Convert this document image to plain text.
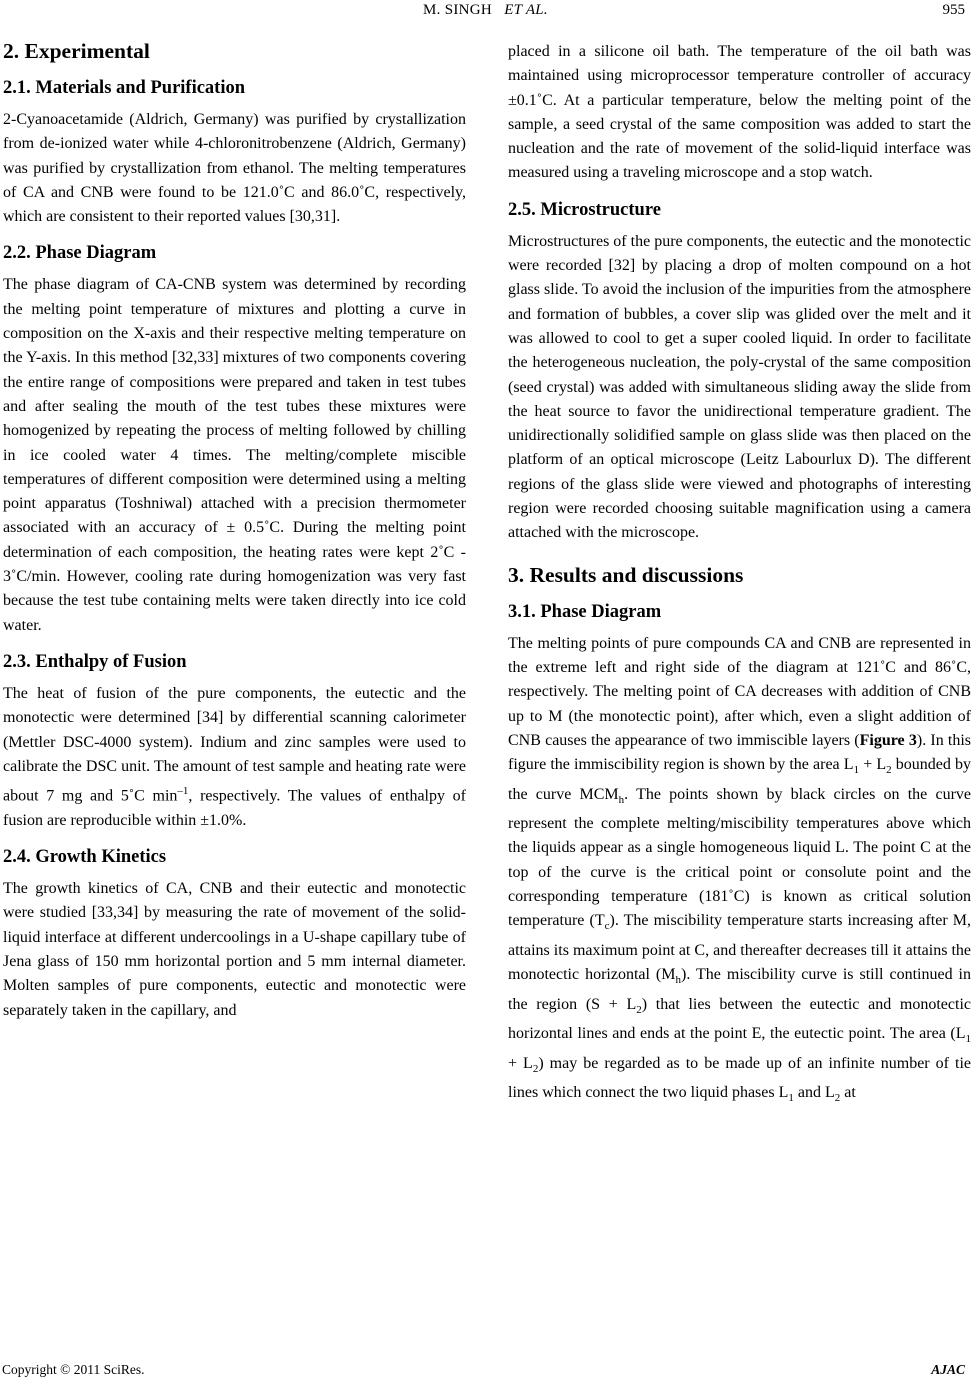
M. SINGH ET AL.	955
2. Experimental
2.1. Materials and Purification

2-Cyanoacetamide (Aldrich, Germany) was purified by crystallization from de-ionized water while 4-chloronitrobenzene (Aldrich, Germany) was purified by crystallization from ethanol. The melting temperatures of CA and CNB were found to be 121.0˚C and 86.0˚C, respectively, which are consistent to their reported values [30,31].

2.2. Phase Diagram

The phase diagram of CA-CNB system was determined by recording the melting point temperature of mixtures and plotting a curve in composition on the X-axis and their respective melting temperature on the Y-axis. In this method [32,33] mixtures of two components covering the entire range of compositions were prepared and taken in test tubes and after sealing the mouth of the test tubes these mixtures were homogenized by repeating the process of melting followed by chilling in ice cooled water 4 times. The melting/complete miscible temperatures of different composition were determined using a melting point apparatus (Toshniwal) attached with a precision thermometer associated with an accuracy of ± 0.5˚C. During the melting point determination of each composition, the heating rates were kept 2˚C - 3˚C/min. However, cooling rate during homogenization was very fast because the test tube containing melts were taken directly into ice cold water.

2.3. Enthalpy of Fusion

The heat of fusion of the pure components, the eutectic and the monotectic were determined [34] by differential scanning calorimeter (Mettler DSC-4000 system). Indium and zinc samples were used to calibrate the DSC unit. The amount of test sample and heating rate were about 7 mg and 5˚C $\min^{-1}$, respectively. The values of enthalpy of fusion are reproducible within ±1.0%.

2.4. Growth Kinetics

The growth kinetics of CA, CNB and their eutectic and monotectic were studied [33,34] by measuring the rate of movement of the solid-liquid interface at different undercoolings in a U-shape capillary tube of Jena glass of 150 mm horizontal portion and 5 mm internal diameter. Molten samples of pure components, eutectic and monotectic were separately taken in the capillary, and

placed in a silicone oil bath. The temperature of the oil bath was maintained using microprocessor temperature controller of accuracy ±0.1˚C. At a particular temperature, below the melting point of the sample, a seed crystal of the same composition was added to start the nucleation and the rate of movement of the solid-liquid interface was measured using a traveling microscope and a stop watch.

2.5. Microstructure

Microstructures of the pure components, the eutectic and the monotectic were recorded [32] by placing a drop of molten compound on a hot glass slide. To avoid the inclusion of the impurities from the atmosphere and formation of bubbles, a cover slip was glided over the melt and it was allowed to cool to get a super cooled liquid. In order to facilitate the heterogeneous nucleation, the poly-crystal of the same composition (seed crystal) was added with simultaneous sliding away the slide from the heat source to favor the unidirectional temperature gradient. The unidirectionally solidified sample on glass slide was then placed on the platform of an optical microscope (Leitz Labourlux D). The different regions of the glass slide were viewed and photographs of interesting region were recorded choosing suitable magnification using a camera attached with the microscope.

3. Results and discussions
3.1. Phase Diagram

The melting points of pure compounds CA and CNB are represented in the extreme left and right side of the diagram at 121˚C and 86˚C, respectively. The melting point of CA decreases with addition of CNB up to M (the monotectic point), after which, even a slight addition of CNB causes the appearance of two immiscible layers (Figure 3). In this figure the immiscibility region is shown by the area $L_1 + L_2$ bounded by the curve $MCM_h$. The points shown by black circles on the curve represent the complete melting/miscibility temperatures above which the liquids appear as a single homogeneous liquid L. The point C at the top of the curve is the critical point or consolute point and the corresponding temperature (181˚C) is known as critical solution temperature $(T_c)$. The miscibility temperature starts increasing after M, attains its maximum point at C, and thereafter decreases till it attains the monotectic horizontal $(M_h)$. The miscibility curve is still continued in the region $(S + L_2)$ that lies between the eutectic and monotectic horizontal lines and ends at the point E, the eutectic point. The area $(L_1 + L_2)$ may be regarded as to be made up of an infinite number of tie lines which connect the two liquid phases $L_1$ and $L_2$ at

Copyright © 2011 SciRes.	AJAC
